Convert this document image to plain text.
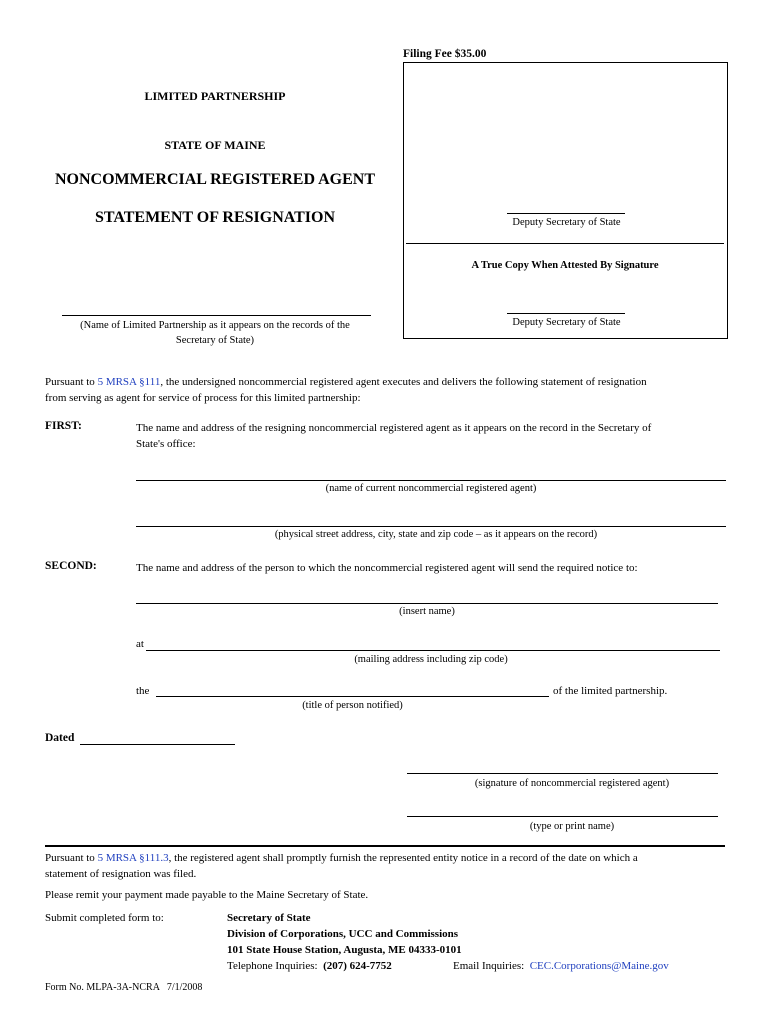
Filing Fee $35.00
Deputy Secretary of State
A True Copy When Attested By Signature
Deputy Secretary of State
LIMITED PARTNERSHIP
STATE OF MAINE
NONCOMMERCIAL REGISTERED AGENT
STATEMENT OF RESIGNATION
(Name of Limited Partnership as it appears on the records of the
Secretary of State)
Pursuant to 5 MRSA §111, the undersigned noncommercial registered agent executes and delivers the following statement of resignation
from serving as agent for service of process for this limited partnership:
FIRST:	The name and address of the resigning noncommercial registered agent as it appears on the record in the Secretary of
State's office:
(name of current noncommercial registered agent)
(physical street address, city, state and zip code – as it appears on the record)
SECOND:	The name and address of the person to which the noncommercial registered agent will send the required notice to:
(insert name)
at
(mailing address including zip code)
the	of the limited partnership.
(title of person notified)
Dated
(signature of noncommercial registered agent)
(type or print name)
Pursuant to 5 MRSA §111.3, the registered agent shall promptly furnish the represented entity notice in a record of the date on which a
statement of resignation was filed.
Please remit your payment made payable to the Maine Secretary of State.
Submit completed form to:	Secretary of State
Division of Corporations, UCC and Commissions
101 State House Station, Augusta, ME 04333-0101
Telephone Inquiries: (207) 624-7752	Email Inquiries: CEC.Corporations@Maine.gov
Form No. MLPA-3A-NCRA   7/1/2008
